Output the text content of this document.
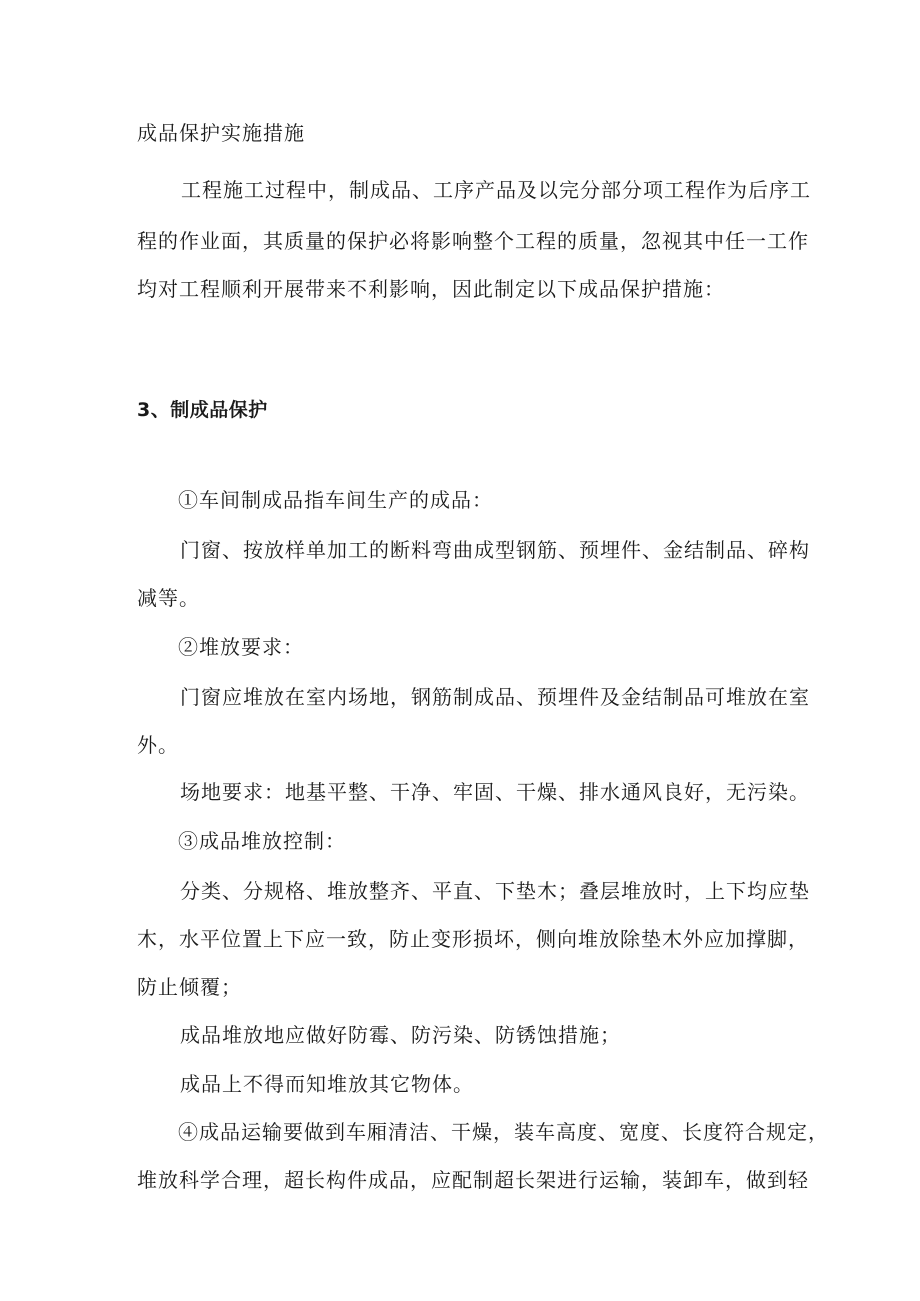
成品保护实施措施
工程施工过程中，制成品、工序产品及以完分部分项工程作为后序工
程的作业面，其质量的保护必将影响整个工程的质量，忽视其中任一工作
均对工程顺利开展带来不利影响，因此制定以下成品保护措施：
3、制成品保护
①车间制成品指车间生产的成品：
门窗、按放样单加工的断料弯曲成型钢筋、预埋件、金结制品、碎构
减等。
②堆放要求：
门窗应堆放在室内场地，钢筋制成品、预埋件及金结制品可堆放在室
外。
场地要求：地基平整、干净、牢固、干燥、排水通风良好，无污染。
③成品堆放控制：
分类、分规格、堆放整齐、平直、下垫木；叠层堆放时，上下均应垫
木，水平位置上下应一致，防止变形损坏，侧向堆放除垫木外应加撑脚，
防止倾覆；
成品堆放地应做好防霉、防污染、防锈蚀措施；
成品上不得而知堆放其它物体。
④成品运输要做到车厢清洁、干燥，装车高度、宽度、长度符合规定，
堆放科学合理，超长构件成品，应配制超长架进行运输，装卸车，做到轻
